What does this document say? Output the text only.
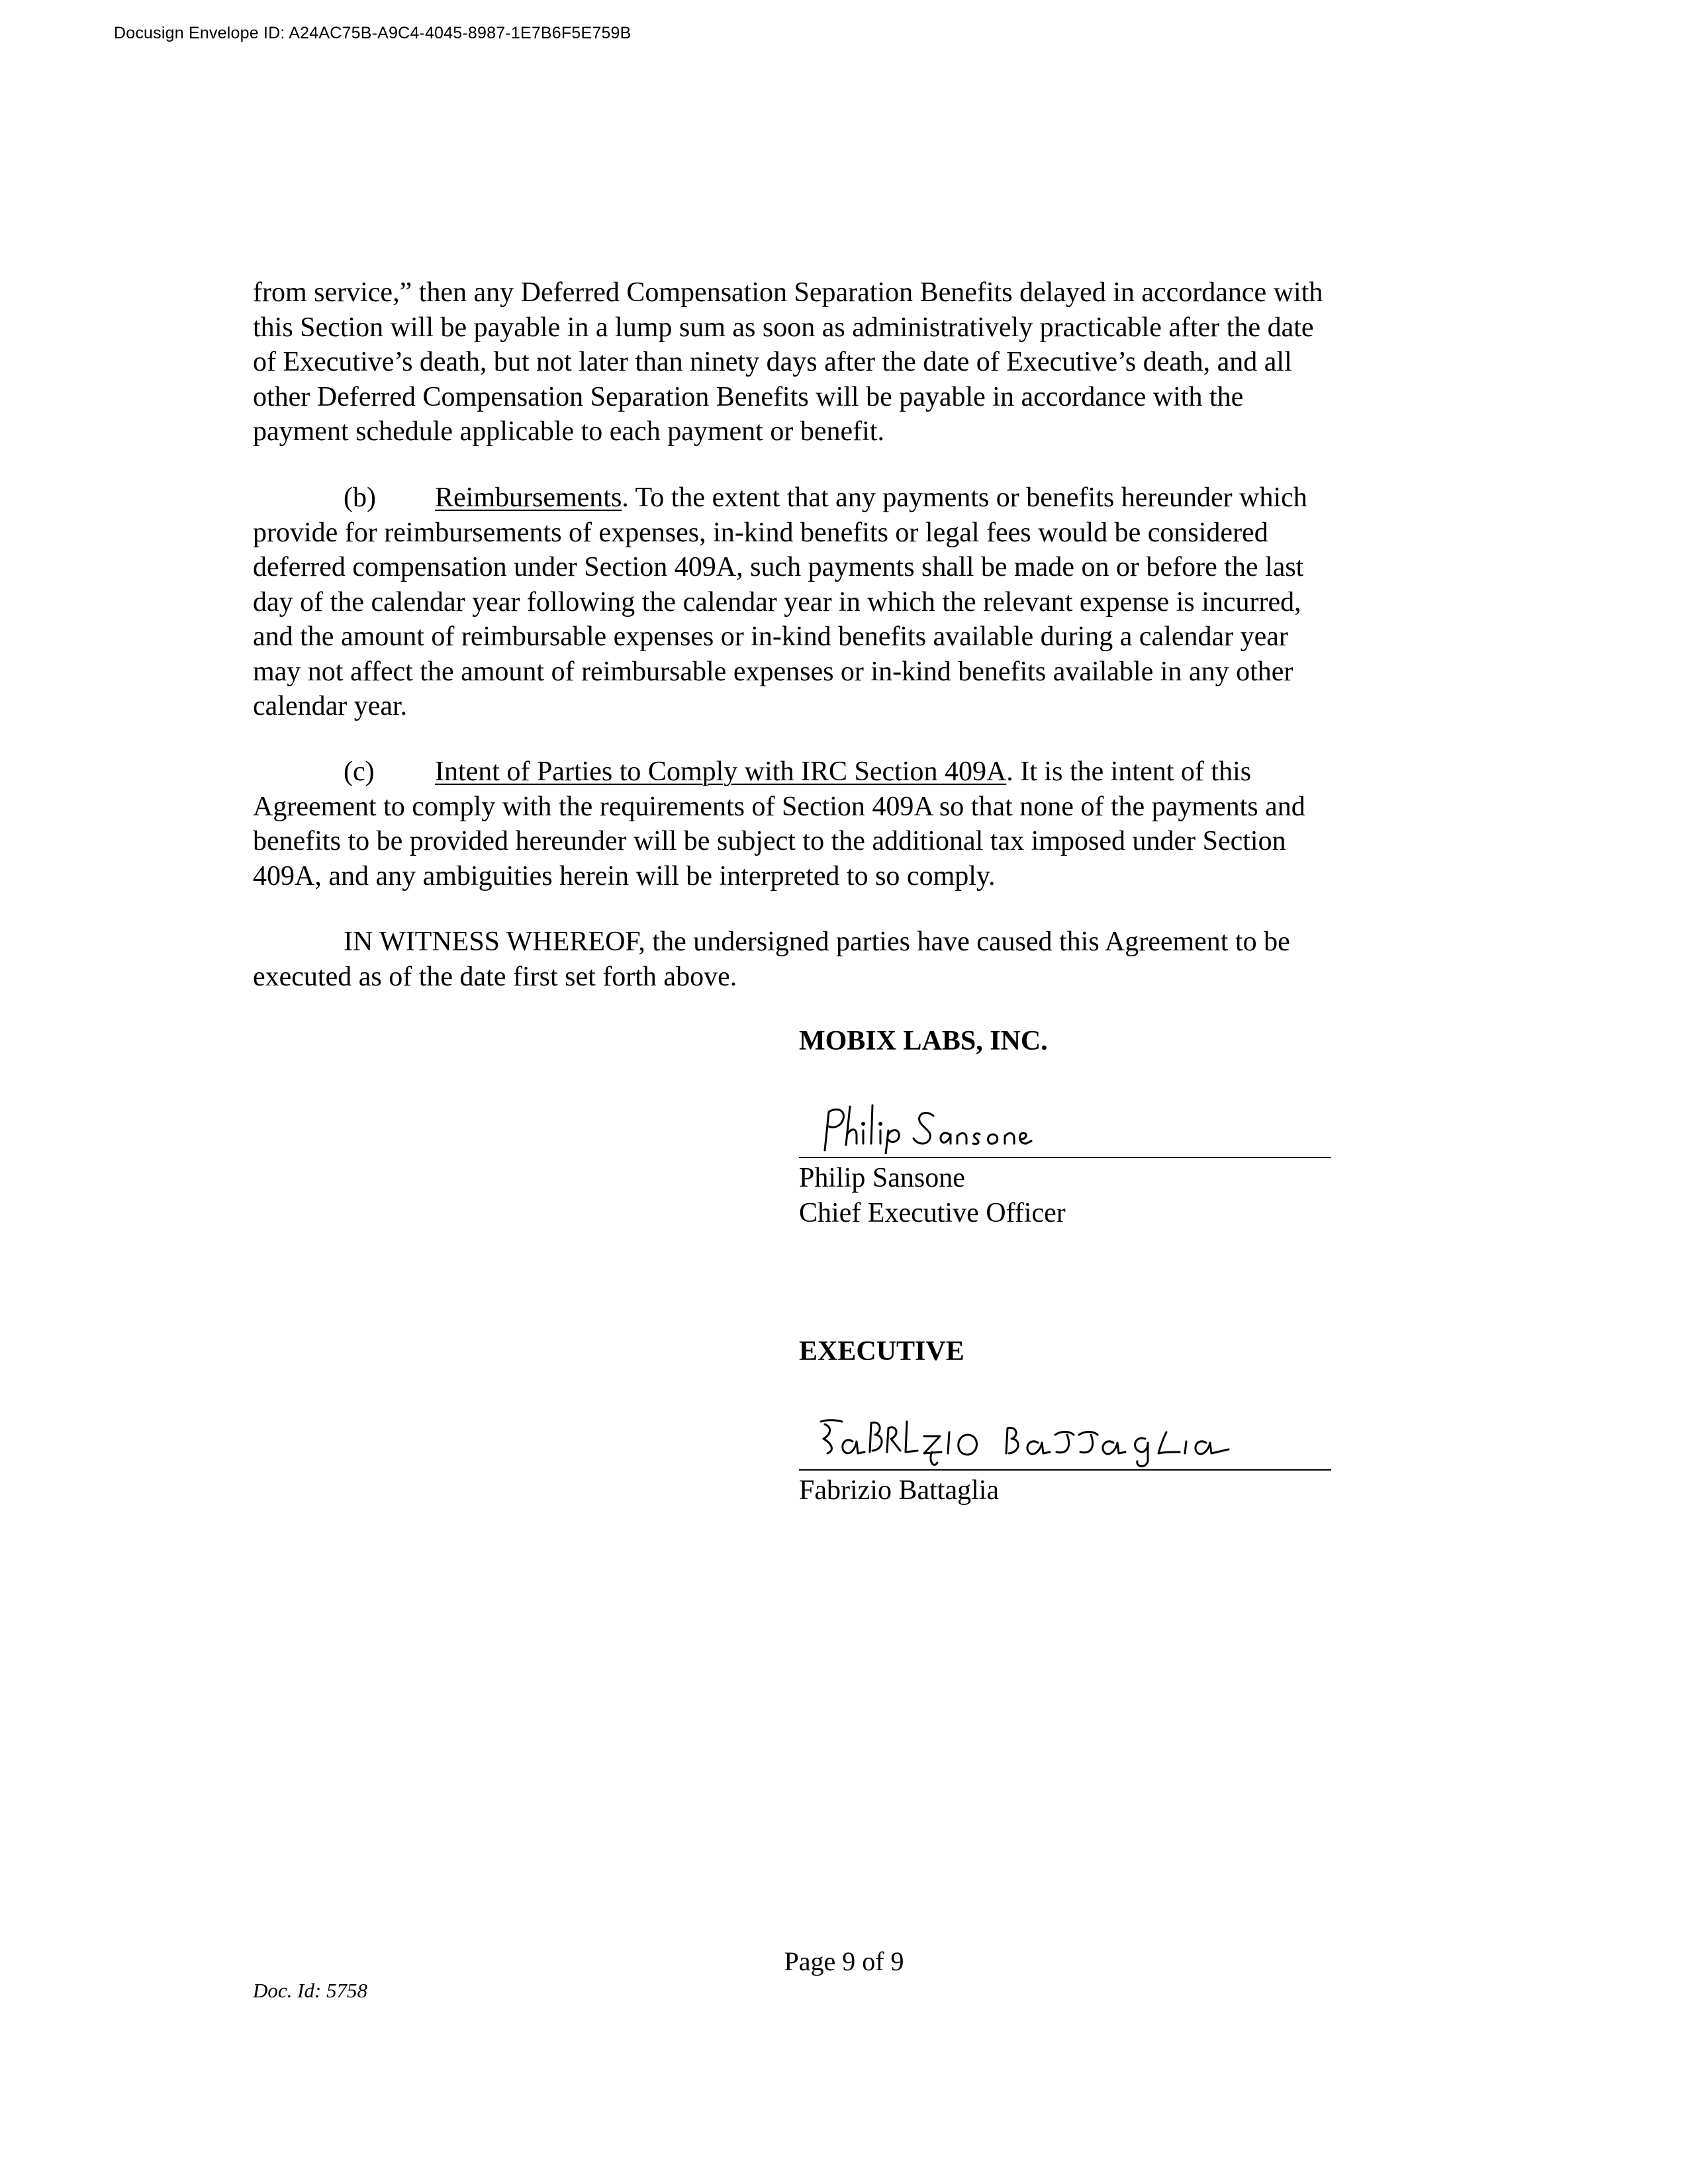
Docusign Envelope ID: A24AC75B-A9C4-4045-8987-1E7B6F5E759B
from service,” then any Deferred Compensation Separation Benefits delayed in accordance with
this Section will be payable in a lump sum as soon as administratively practicable after the date
of Executive’s death, but not later than ninety days after the date of Executive’s death, and all
other Deferred Compensation Separation Benefits will be payable in accordance with the
payment schedule applicable to each payment or benefit.
(b) Reimbursements. To the extent that any payments or benefits hereunder which
provide for reimbursements of expenses, in-kind benefits or legal fees would be considered
deferred compensation under Section 409A, such payments shall be made on or before the last
day of the calendar year following the calendar year in which the relevant expense is incurred,
and the amount of reimbursable expenses or in-kind benefits available during a calendar year
may not affect the amount of reimbursable expenses or in-kind benefits available in any other
calendar year.
(c) Intent of Parties to Comply with IRC Section 409A. It is the intent of this
Agreement to comply with the requirements of Section 409A so that none of the payments and
benefits to be provided hereunder will be subject to the additional tax imposed under Section
409A, and any ambiguities herein will be interpreted to so comply.
IN WITNESS WHEREOF, the undersigned parties have caused this Agreement to be
executed as of the date first set forth above.
MOBIX LABS, INC.
Philip Sansone
Chief Executive Officer
EXECUTIVE
Fabrizio Battaglia
Page 9 of 9
Doc. Id: 5758
